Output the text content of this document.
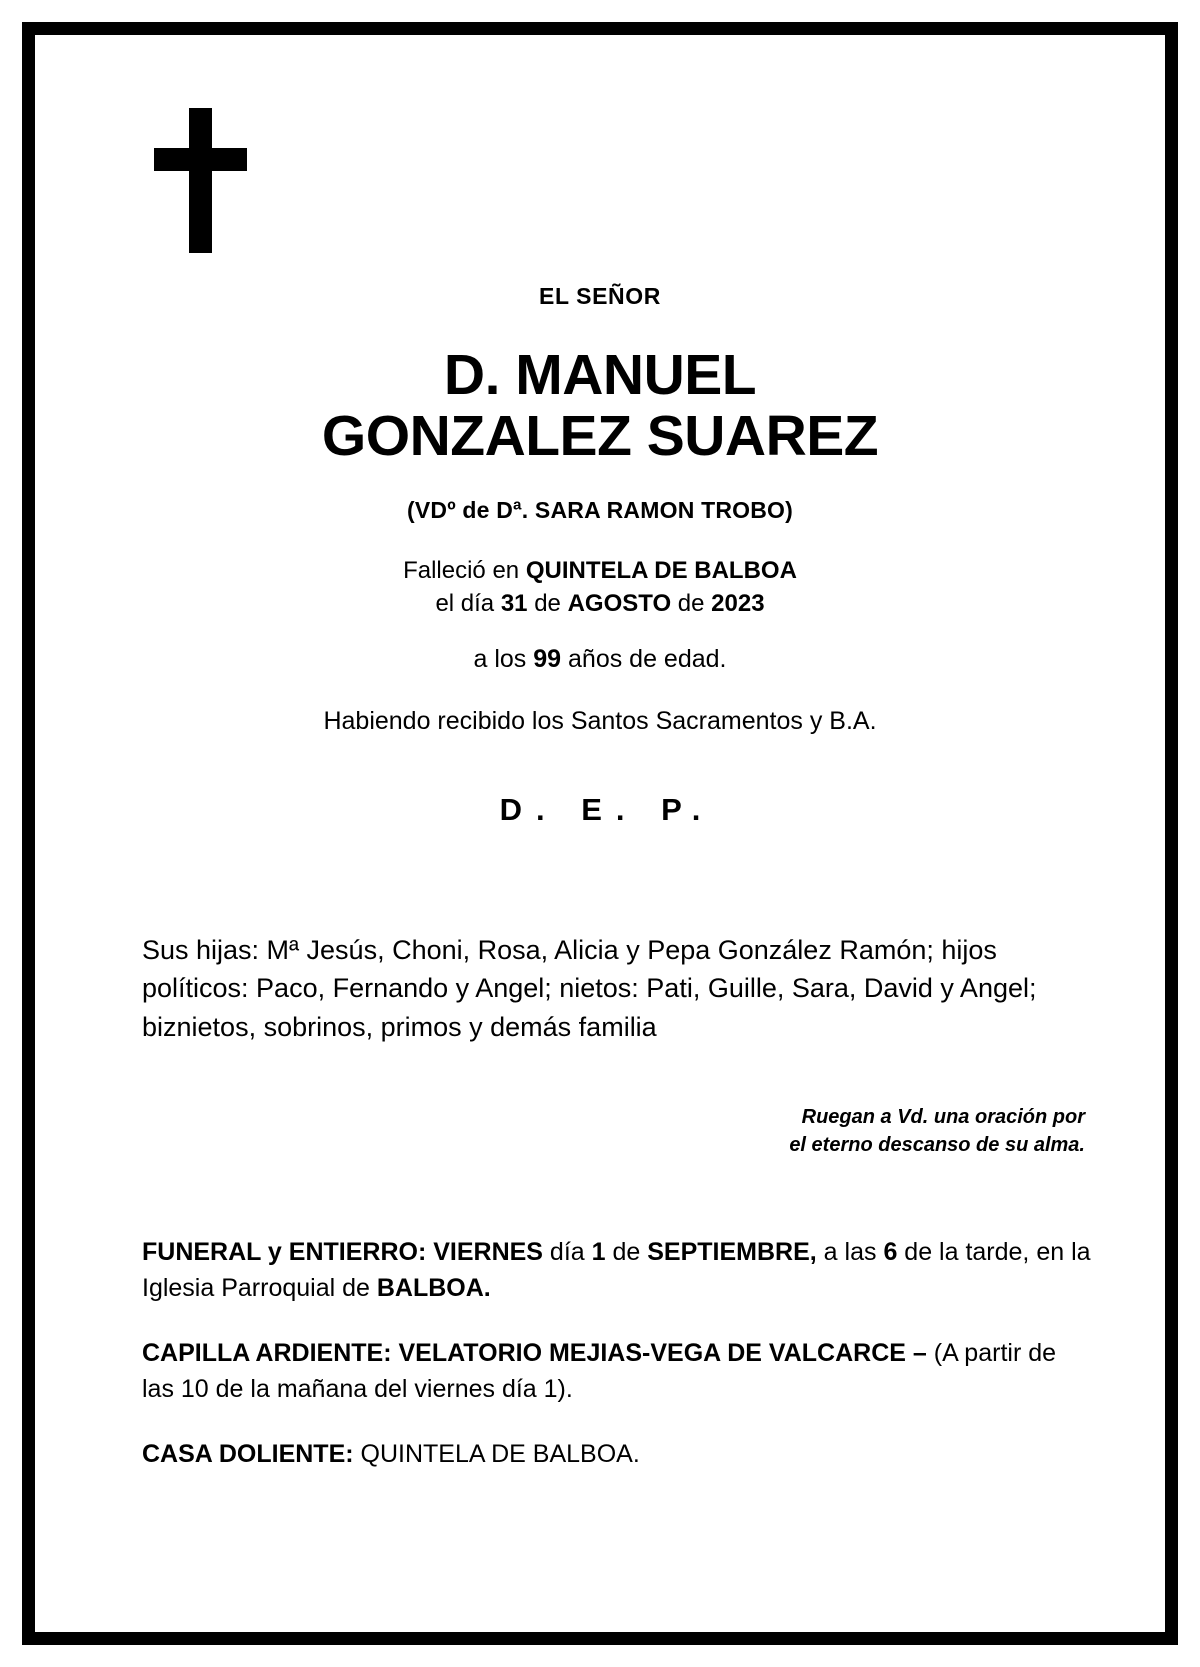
EL SEÑOR
D. MANUEL
GONZALEZ SUAREZ
(VDº de Dª. SARA RAMON TROBO)
Falleció en QUINTELA DE BALBOA
el día 31 de AGOSTO de 2023
a los 99 años de edad.
Habiendo recibido los Santos Sacramentos y B.A.
D. E. P.
Sus hijas: Mª Jesús, Choni, Rosa, Alicia y Pepa González Ramón; hijos políticos: Paco, Fernando y Angel; nietos: Pati, Guille, Sara, David y Angel; biznietos, sobrinos, primos y demás familia
Ruegan a Vd. una oración por
el eterno descanso de su alma.
FUNERAL y ENTIERRO: VIERNES día 1 de SEPTIEMBRE, a las 6 de la tarde, en la Iglesia Parroquial de BALBOA.
CAPILLA ARDIENTE: VELATORIO MEJIAS-VEGA DE VALCARCE – (A partir de las 10 de la mañana del viernes día 1).
CASA DOLIENTE: QUINTELA DE BALBOA.
